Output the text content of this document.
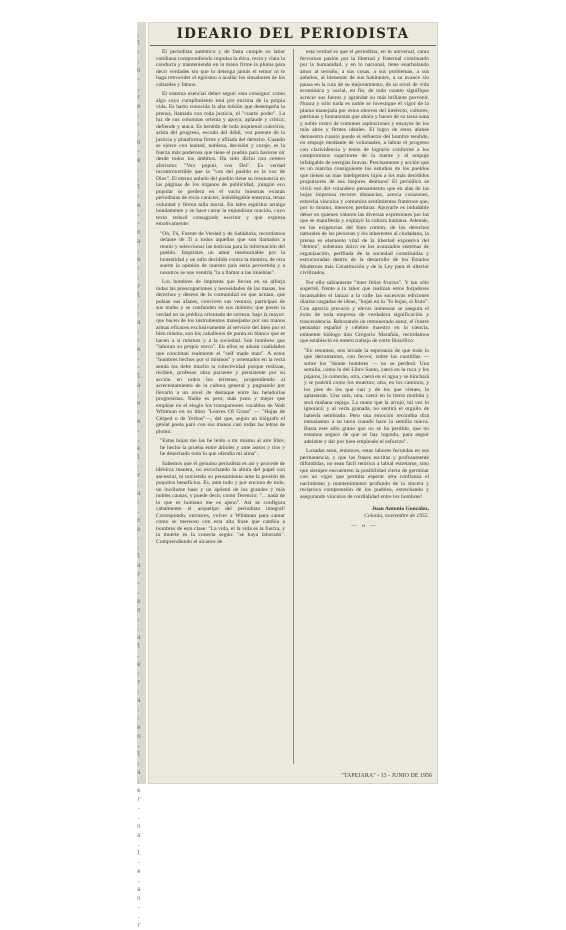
.
l
-
.
n
-
,
r
e
.
-
;
n
-
e
.
.
l
-
e
.
-
n
a
.
e
-
.
r
l
.
-
a
.
-
e
.
-
l
a
.
n
-
e
.
,
e
l
-
r
.
a
-
.
n
e
-
.
l
a
r
-
.
e
n
-
.
a
l
.
e
-
r
.
a
.
-
e
n
.
l
-
a
.
e
r
-
.
n
a
.
l
-
e
.
a
n
-
.
r
IDEARIO DEL PERIODISTA

El periodista auténtico y de fasta cumple su labor cotidiana comprendiendo impulsa la ética, recta y clara la conducta y manteniendo en la mano firme la pluma para decir verdades sin que lo detenga jamás el temor ni le haga retroceder el egoísmo a acallar los sinsabores de los cobardes y fatuos.

El sistema esencial deber seguir esta consigna: como algo cuyo cumplimiento está por encima de la propia vida. Es harto conocida la alta misión que desempeña la prensa, llamada con toda justicia, el "cuarto poder". La luz de sus columnas orienta y apoya; aplaude y critica; defiende y ataca. Es heraldo de toda inquietud colectiva, arista del progreso, escudo del débil, voz potente de la justicia y plataforma firme y afilada del derecho. Cuando se ejerce con lealtad, nobleza, decisión y coraje, es la fuerza más poderosa que tiene el pueblo para hacerse oír desde todos los ámbitos. Ha sido dicho con certero aforismo: "Vox populi, vox Dei". Es verdad incontrovertible que la "voz del pueblo es la voz de Dios". El eterno anhelo del pueblo tiene su resonancia en las páginas de los órganos de publicidad, ¡ningún eco popular se perderá en el vacío mientras existan periodistas de recio carácter, indoblegable entereza, tenaz voluntad y férrea talla moral. En tales espíritus arraiga hondamente y se hace carne la enjundiosa oración, cuyo texto reducé consagrado escritor y que expresa emotivamente:

"Oh, Tú, Fuente de Verdad y de Sabiduría, recordamos delante de Ti a todos aquellos que son llamados a reunir y seleccionar las noticias para la información del pueblo. Inspírales un amor insobornable por la honestidad y un odio decidido contra la mentira, de otra suerte la opinión de nuestro país sería pervertida y a nosotros se nos vendría "la a llamar a las tinieblas".

Los hombres de imprenta que llevan en su alforja todas las preocupaciones y necesidades de las masas, los derechos y deseos de la comunidad en que actúan, que pulsan sus afanes, conviven sus ventura, participan de sus males y se confunden en sus dolores; que posen la verdad en su prédica orientada de certeza; bajo la mayor: que hacen de los instrumentos manejados por sus manos armas eficaces exclusivamente al servicio del bien por el bien mismo, son los caballeros de punta en blanco que se hacen a sí mismos y a la sociedad. Son hombres que "laboran su propio surco". En ellos se aúnan cualidades que concretan realmente el "self made man". A estos "hombres hechos por sí mismos" y orientados en la recta senda los debe mucho la colectividad porque realizan, reciben, profesan obra paciente y persistente por su acción en todos los terrenos, propendiendo al acrecentamiento de la cultura general y pugnando por llevarlo a un nivel de destaque entre las heladorias progresistas. Nadie es peor, más justo y mejor que emplear en el elogio los transparentes vocablos de Walt Whitman en su libro "Leaves Of Grass" — "Hojas de Césped o de Yerbas"—, del que, según un biógrafo el genial poeta paró con sus manos casi todas las letras de plomo:

"Estas hojas me las he leído a mí mismo al aire libre, he hecho la prueba entre árboles y ante astros y ríos y he desechado todo lo que ofendía mi alma".

Sabemos que el genuino periodista es así y procede de idéntica manera, no escuchando la altura del papel con ancestral, ni torciendo su pensamiento ante la presión de poquitos beneficios. Es, ante todo y por encima de todo, un incólume base y un apóstol de los grandes y más nobles causas, y puede decir, como Terencio: "... nada de lo que es humano me es ajeno". Así se configura cabalmente el arquetipo del periodista integral! Correspondo, entonces, volver a Whitman para cantar como se merecen con esta alta frase que cambia a hombres de esta clase: "La vida, el la vida es la fuerza, y la muerte es la conecta según: "se haya laborado". Comprendiendo el alcance de

esta verdad es que el periodista, en lo universal, canta fervoroso pasión por la libertad y fraternal continuado por la humanidad, y en lo nacional, tiene enarbolando amor al terruño, a sus cosas, a sus problemas, a sus anhelos, al bienestar de sus habitantes, a su avance sin pausa en la ruta de su mejoramiento, de su nivel de vida económica y social, en fin, de todo cuanto signifique acrecer sus fueros y agrandar su más brillante porvenir. Nunca y sólo nada es noble se investigue el vigor de la pluma manejada por estos obreros del intelecto, cultores, patriotas y humanistas que ahora y hacen de su tarea sana y noble rostro de comunes aspiraciones y ensayos de los más altos y firmes ideales. El logro de estos afanes demuestra cuanto puede el esfuerzo del hombre tendido, en empuje mediante de voluntades, a labrar el progreso con clarividencia y tesón de logrario conformé a los compromisos superiores de la mente y al empuje infatigable de energías bravas. Precisamente y acción que es un marcha consiguiente los estudios de los pueblos que tienen su mas inteligentes hijos a los más decididos propulsores de sus mejores destinos! El periódico se vivió vez del volandero pensamiento que en alas de las hojas imprensa recorre distancias, acerca corazones, estrecha vínculos y comunica sentimientos fraternos que, por lo mismo, merecen perdurar. Apoyarle es indudable deber en quienes valoren las diversas expresiones por las que se manifiesta y explayó la cultura humana. Además, en las exigencias del bien común, de los derechos naturales de las personas y los inherentes al ciudadano, la prensa es elemento vital de la libertad expresiva del "demos", soberano único en los avanzados sistemas de organización, perfilada de la sociedad constituidas y estructuradas dentro de la desarrollo de los Estados Modernos más Constitución y de la Ley para el ulterior civilizados.

Por ello sabiamente "inter felise fructus". Y tan sólo sugeriré, frente a la labor que realizan estos forjadores incansables el lanzar a la calle las sucesivas ediciones diarias cargadas de ideas, "hojas en lo "lo hojas, si fruto". Con aprecio precario y elevar inmensas se asegura el éxito de toda empresa de verdadera significación y trascendencia. Rebozando un remunerado autor, el ilustre pensador español y célebre maestro en la ciencia, eminente biólogo don Gregorio Marañón, recordamos que estableció en entero trabajo de corte filosófico:

"En resumen, nos invade la esperanza de que todo lo que derramamos, con fervor, sobre las cuartillas — sobre los "donde hombres — no se perderá. Una semilla, como la del Libro Santo, caerá en la roca y los pájaros, la comerán, otra, caerá en el agua y se hinchará y se pudrirá como los muertos; otra, en los caminos, y los pies de los que van y de los que vienen, la aplastarán. Una sola, una, caerá en la tierra mullida y será mañana espiga. La mano que la arrojó, tal vez lo ignorará; y al verla granada, no sentirá el orgullo de haberla sembrado. Pero una emoción recóndita dirá entusiasmo a su tarea cuando hace la semilla nueva. Basta este sólo grano que no se ha perdido, que no estamos seguro de que se hay logrado, para seguir adelante y dar por bien empleado el esfuerzo".

Lozadas sean, entonces, estas labores fecundas en sus permanencia, y que las frases escritas y profusamente difundidas, no sean fácil retórica a labial estrelarse, sino que siempre encuentren la posibilidad cierta de germinar con un vigor que permita esperar otra confianza el nacimiento y mantenimiento profundo de la sincera y recíproca comprensión de los pueblos, estrechando y asegurando vínculos de cordialidad entre los hombres!

Juan Antonio González,
Colonia, noviembre de 1955.
— o —
"TAPEJARA" - 13 - JUNIO DE 1956
